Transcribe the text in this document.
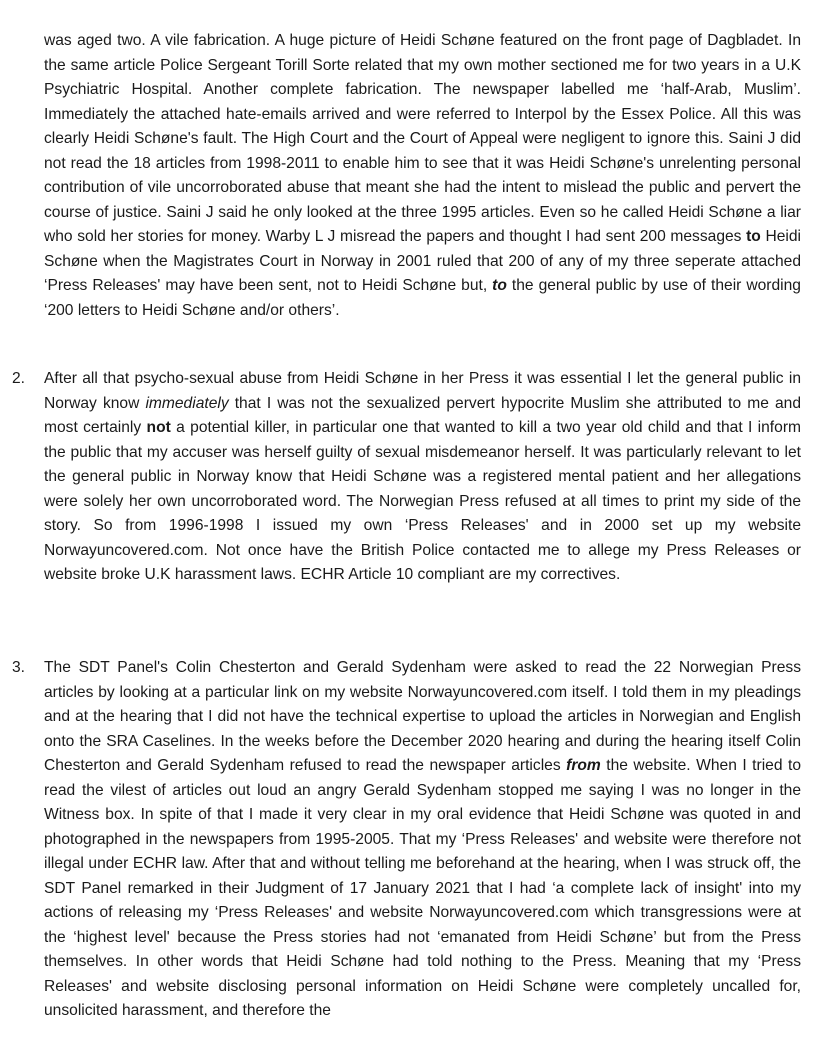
was aged two. A vile fabrication. A huge picture of Heidi Schøne featured on the front page of Dagbladet. In the same article Police Sergeant Torill Sorte related that my own mother sectioned me for two years in a U.K Psychiatric Hospital. Another complete fabrication. The newspaper labelled me ‘half-Arab, Muslim’. Immediately the attached hate-emails arrived and were referred to Interpol by the Essex Police. All this was clearly Heidi Schøne's fault. The High Court and the Court of Appeal were negligent to ignore this. Saini J did not read the 18 articles from 1998-2011 to enable him to see that it was Heidi Schøne's unrelenting personal contribution of vile uncorroborated abuse that meant she had the intent to mislead the public and pervert the course of justice. Saini J said he only looked at the three 1995 articles. Even so he called Heidi Schøne a liar who sold her stories for money. Warby L J misread the papers and thought I had sent 200 messages to Heidi Schøne when the Magistrates Court in Norway in 2001 ruled that 200 of any of my three seperate attached ‘Press Releases' may have been sent, not to Heidi Schøne but, to the general public by use of their wording ‘200 letters to Heidi Schøne and/or others’.

2.	After all that psycho-sexual abuse from Heidi Schøne in her Press it was essential I let the general public in Norway know immediately that I was not the sexualized pervert hypocrite Muslim she attributed to me and most certainly not a potential killer, in particular one that wanted to kill a two year old child and that I inform the public that my accuser was herself guilty of sexual misdemeanor herself. It was particularly relevant to let the general public in Norway know that Heidi Schøne was a registered mental patient and her allegations were solely her own uncorroborated word. The Norwegian Press refused at all times to print my side of the story. So from 1996-1998 I issued my own ‘Press Releases' and in 2000 set up my website Norwayuncovered.com. Not once have the British Police contacted me to allege my Press Releases or website broke U.K harassment laws. ECHR Article 10 compliant are my correctives.

3.	The SDT Panel's Colin Chesterton and Gerald Sydenham were asked to read the 22 Norwegian Press articles by looking at a particular link on my website Norwayuncovered.com itself. I told them in my pleadings and at the hearing that I did not have the technical expertise to upload the articles in Norwegian and English onto the SRA Caselines. In the weeks before the December 2020 hearing and during the hearing itself Colin Chesterton and Gerald Sydenham refused to read the newspaper articles from the website. When I tried to read the vilest of articles out loud an angry Gerald Sydenham stopped me saying I was no longer in the Witness box. In spite of that I made it very clear in my oral evidence that Heidi Schøne was quoted in and photographed in the newspapers from 1995-2005. That my ‘Press Releases' and website were therefore not illegal under ECHR law. After that and without telling me beforehand at the hearing, when I was struck off, the SDT Panel remarked in their Judgment of 17 January 2021 that I had ‘a complete lack of insight' into my actions of releasing my ‘Press Releases' and website Norwayuncovered.com which transgressions were at the ‘highest level' because the Press stories had not ‘emanated from Heidi Schøne’ but from the Press themselves. In other words that Heidi Schøne had told nothing to the Press. Meaning that my ‘Press Releases' and website disclosing personal information on Heidi Schøne were completely uncalled for, unsolicited harassment, and therefore the
